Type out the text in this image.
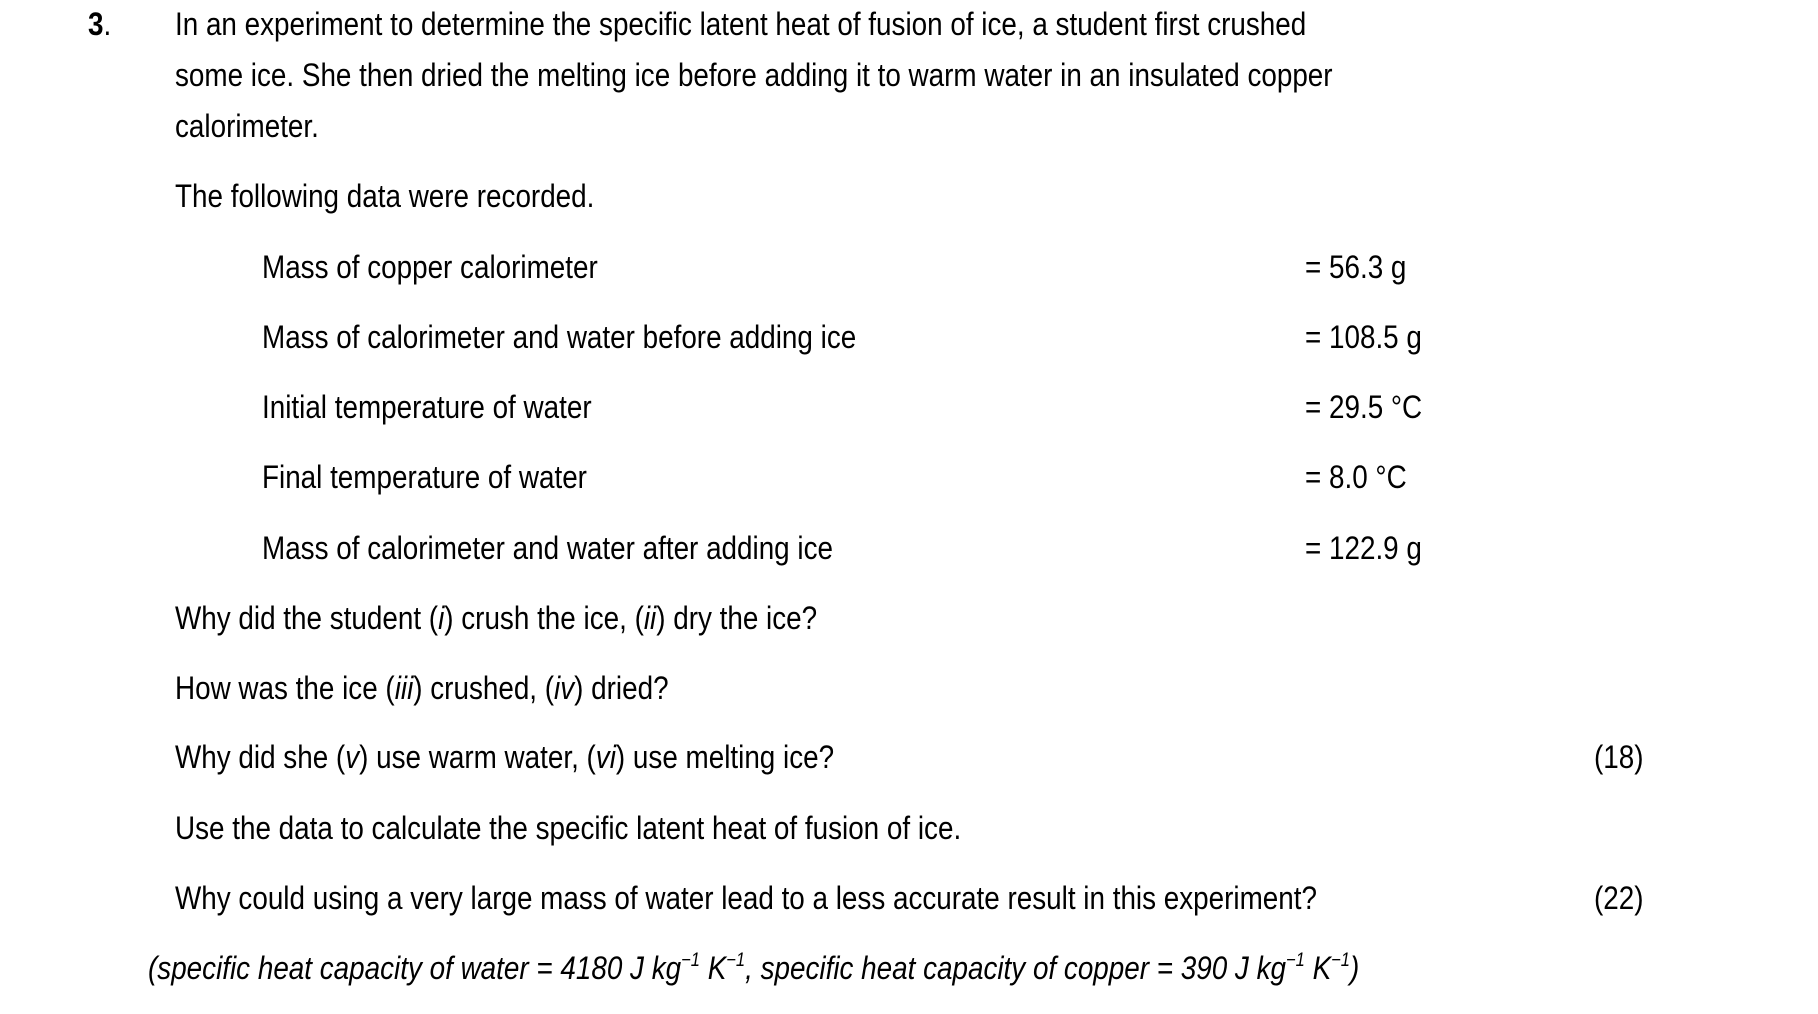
3. In an experiment to determine the specific latent heat of fusion of ice, a student first crushed
some ice. She then dried the melting ice before adding it to warm water in an insulated copper
calorimeter.
The following data were recorded.
Mass of copper calorimeter	= 56.3 g
Mass of calorimeter and water before adding ice	= 108.5 g
Initial temperature of water	= 29.5 °C
Final temperature of water	= 8.0 °C
Mass of calorimeter and water after adding ice	= 122.9 g
Why did the student (i) crush the ice, (ii) dry the ice?
How was the ice (iii) crushed, (iv) dried?
Why did she (v) use warm water, (vi) use melting ice?	(18)
Use the data to calculate the specific latent heat of fusion of ice.
Why could using a very large mass of water lead to a less accurate result in this experiment?	(22)
(specific heat capacity of water = 4180 J $kg^{-1}$ $K^{-1}$, specific heat capacity of copper = 390 J $kg^{-1}$ $K^{-1}$)
